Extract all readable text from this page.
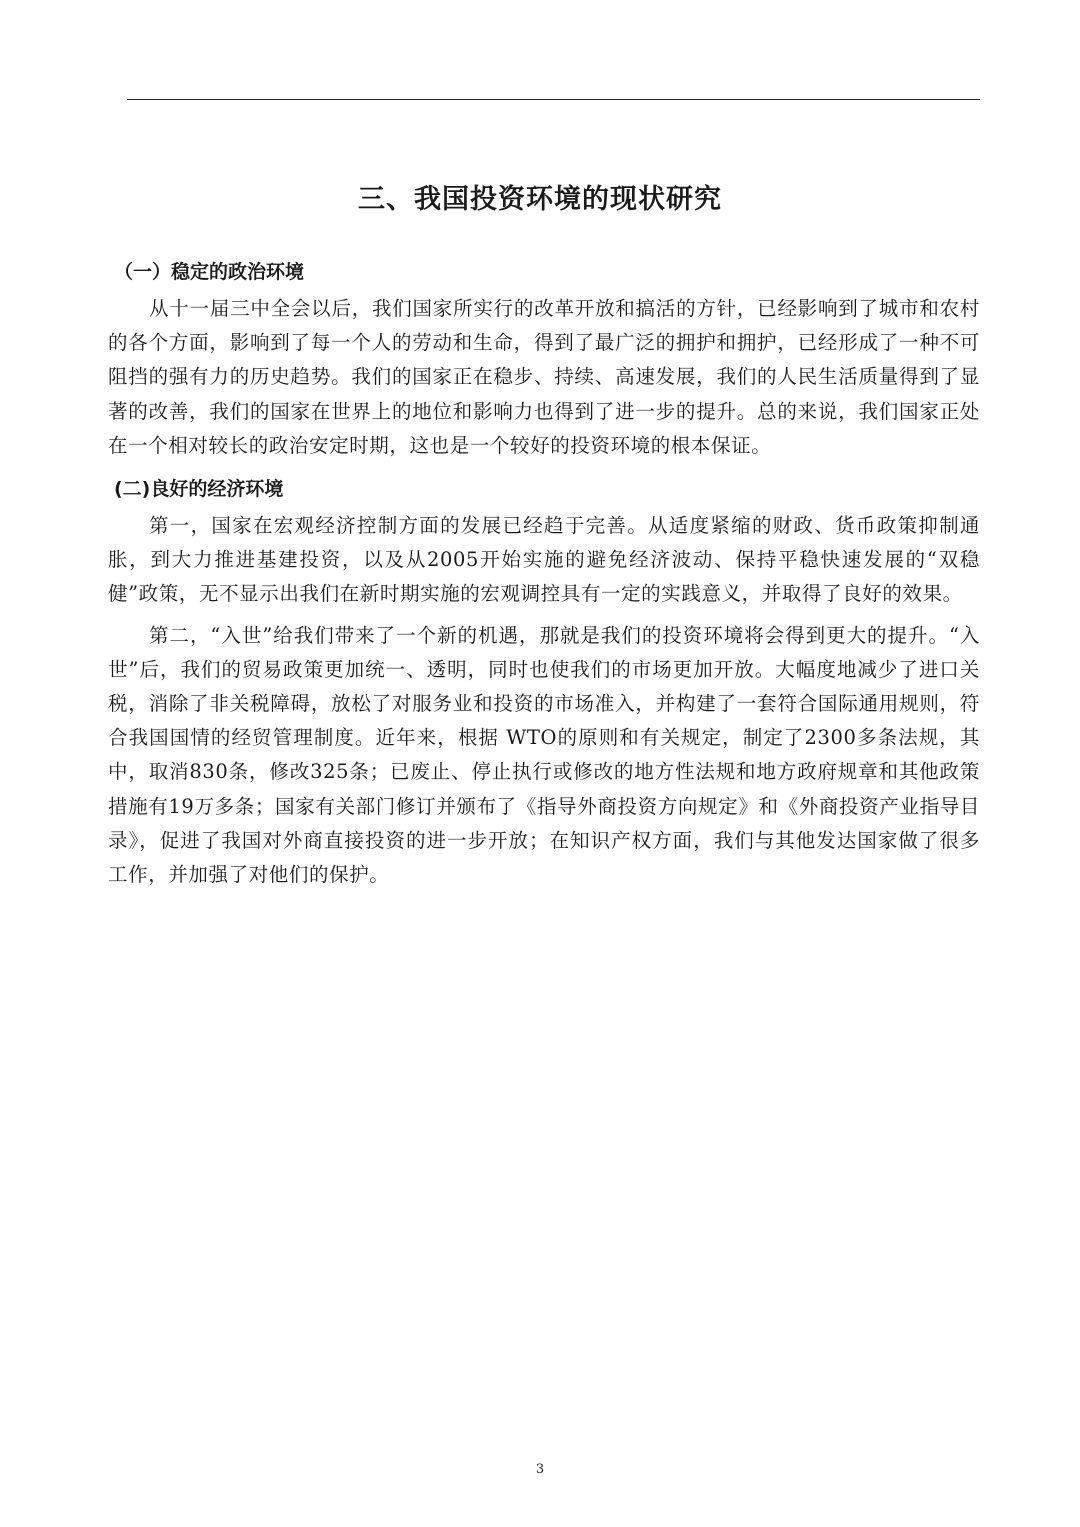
三、我国投资环境的现状研究
（一）稳定的政治环境

从十一届三中全会以后，我们国家所实行的改革开放和搞活的方针，已经影响到了城市和农村的各个方面，影响到了每一个人的劳动和生命，得到了最广泛的拥护和拥护，已经形成了一种不可阻挡的强有力的历史趋势。我们的国家正在稳步、持续、高速发展，我们的人民生活质量得到了显著的改善，我们的国家在世界上的地位和影响力也得到了进一步的提升。总的来说，我们国家正处在一个相对较长的政治安定时期，这也是一个较好的投资环境的根本保证。

(二)良好的经济环境

第一，国家在宏观经济控制方面的发展已经趋于完善。从适度紧缩的财政、货币政策抑制通胀，到大力推进基建投资，以及从2005开始实施的避免经济波动、保持平稳快速发展的“双稳健”政策，无不显示出我们在新时期实施的宏观调控具有一定的实践意义，并取得了良好的效果。

第二，“入世”给我们带来了一个新的机遇，那就是我们的投资环境将会得到更大的提升。“入世”后，我们的贸易政策更加统一、透明，同时也使我们的市场更加开放。大幅度地减少了进口关税，消除了非关税障碍，放松了对服务业和投资的市场准入，并构建了一套符合国际通用规则，符合我国国情的经贸管理制度。近年来，根据 WTO的原则和有关规定，制定了2300多条法规，其中，取消830条，修改325条；已废止、停止执行或修改的地方性法规和地方政府规章和其他政策措施有19万多条；国家有关部门修订并颁布了《指导外商投资方向规定》和《外商投资产业指导目录》，促进了我国对外商直接投资的进一步开放；在知识产权方面，我们与其他发达国家做了很多工作，并加强了对他们的保护。

3
